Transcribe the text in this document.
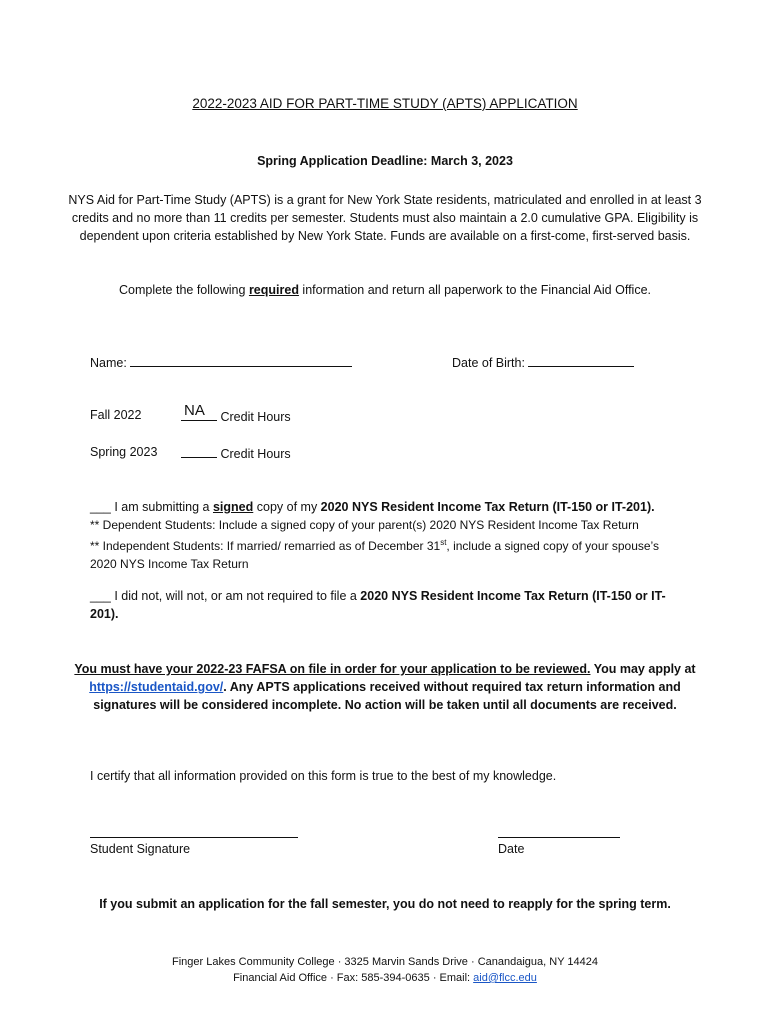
2022-2023 AID FOR PART-TIME STUDY (APTS) APPLICATION
Spring Application Deadline: March 3, 2023
NYS Aid for Part-Time Study (APTS) is a grant for New York State residents, matriculated and enrolled in at least 3 credits and no more than 11 credits per semester. Students must also maintain a 2.0 cumulative GPA. Eligibility is dependent upon criteria established by New York State. Funds are available on a first-come, first-served basis.
Complete the following required information and return all paperwork to the Financial Aid Office.
Name:	Date of Birth:
Fall 2022	NA	Credit Hours
Spring 2023	Credit Hours
___ I am submitting a signed copy of my 2020 NYS Resident Income Tax Return (IT-150 or IT-201).
** Dependent Students: Include a signed copy of your parent(s) 2020 NYS Resident Income Tax Return
** Independent Students: If married/ remarried as of December 31st, include a signed copy of your spouse’s 2020 NYS Income Tax Return
___ I did not, will not, or am not required to file a 2020 NYS Resident Income Tax Return (IT-150 or IT-201).
You must have your 2022-23 FAFSA on file in order for your application to be reviewed. You may apply at https://studentaid.gov/. Any APTS applications received without required tax return information and signatures will be considered incomplete. No action will be taken until all documents are received.
I certify that all information provided on this form is true to the best of my knowledge.
Student Signature	Date
If you submit an application for the fall semester, you do not need to reapply for the spring term.
Finger Lakes Community College · 3325 Marvin Sands Drive · Canandaigua, NY 14424
Financial Aid Office · Fax: 585-394-0635 · Email: aid@flcc.edu
